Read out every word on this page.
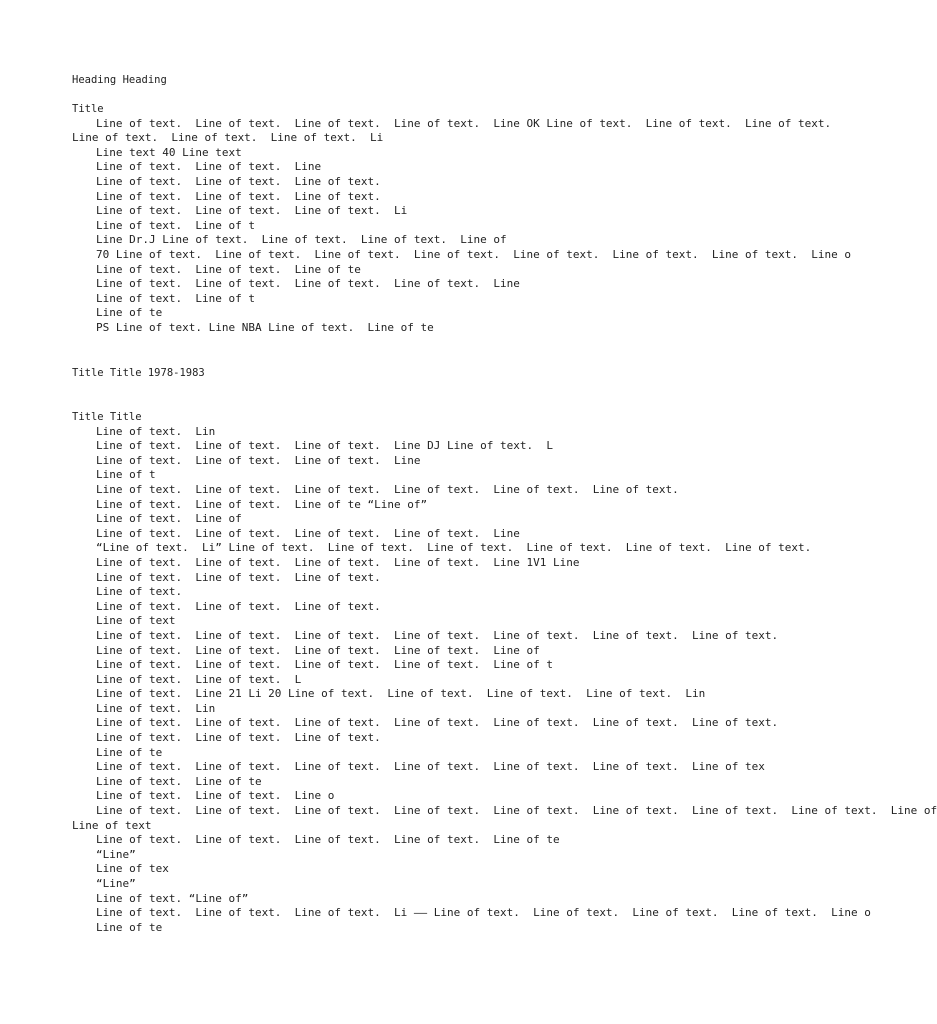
Heading Heading
Title
Line of text.  Line of text.  Line of text.  Line of text.  Line OK Line of text.  Line of text.  Line of text.
Line of text.  Line of text.  Line of text.  Li
Line text 40 Line text
Line of text.  Line of text.  Line
Line of text.  Line of text.  Line of text.
Line of text.  Line of text.  Line of text.
Line of text.  Line of text.  Line of text.  Li
Line of text.  Line of t
Line Dr.J Line of text.  Line of text.  Line of text.  Line of
70 Line of text.  Line of text.  Line of text.  Line of text.  Line of text.  Line of text.  Line of text.  Line o
Line of text.  Line of text.  Line of te
Line of text.  Line of text.  Line of text.  Line of text.  Line
Line of text.  Line of t
Line of te
PS Line of text. Line NBA Line of text.  Line of te
Title Title 1978-1983
Title Title
Line of text.  Lin
Line of text.  Line of text.  Line of text.  Line DJ Line of text.  L
Line of text.  Line of text.  Line of text.  Line
Line of t
Line of text.  Line of text.  Line of text.  Line of text.  Line of text.  Line of text.
Line of text.  Line of text.  Line of te “Line of”
Line of text.  Line of
Line of text.  Line of text.  Line of text.  Line of text.  Line
“Line of text.  Li” Line of text.  Line of text.  Line of text.  Line of text.  Line of text.  Line of text.
Line of text.  Line of text.  Line of text.  Line of text.  Line 1V1 Line
Line of text.  Line of text.  Line of text.
Line of text.
Line of text.  Line of text.  Line of text.
Line of text
Line of text.  Line of text.  Line of text.  Line of text.  Line of text.  Line of text.  Line of text.
Line of text.  Line of text.  Line of text.  Line of text.  Line of
Line of text.  Line of text.  Line of text.  Line of text.  Line of t
Line of text.  Line of text.  L
Line of text.  Line 21 Li 20 Line of text.  Line of text.  Line of text.  Line of text.  Lin
Line of text.  Lin
Line of text.  Line of text.  Line of text.  Line of text.  Line of text.  Line of text.  Line of text.
Line of text.  Line of text.  Line of text.
Line of te
Line of text.  Line of text.  Line of text.  Line of text.  Line of text.  Line of text.  Line of tex
Line of text.  Line of te
Line of text.  Line of text.  Line o
Line of text.  Line of text.  Line of text.  Line of text.  Line of text.  Line of text.  Line of text.  Line of text.  Line of
Line of text
Line of text.  Line of text.  Line of text.  Line of text.  Line of te
“Line”
Line of tex
“Line”
Line of text. “Line of”
Line of text.  Line of text.  Line of text.  Li —— Line of text.  Line of text.  Line of text.  Line of text.  Line o
Line of te
